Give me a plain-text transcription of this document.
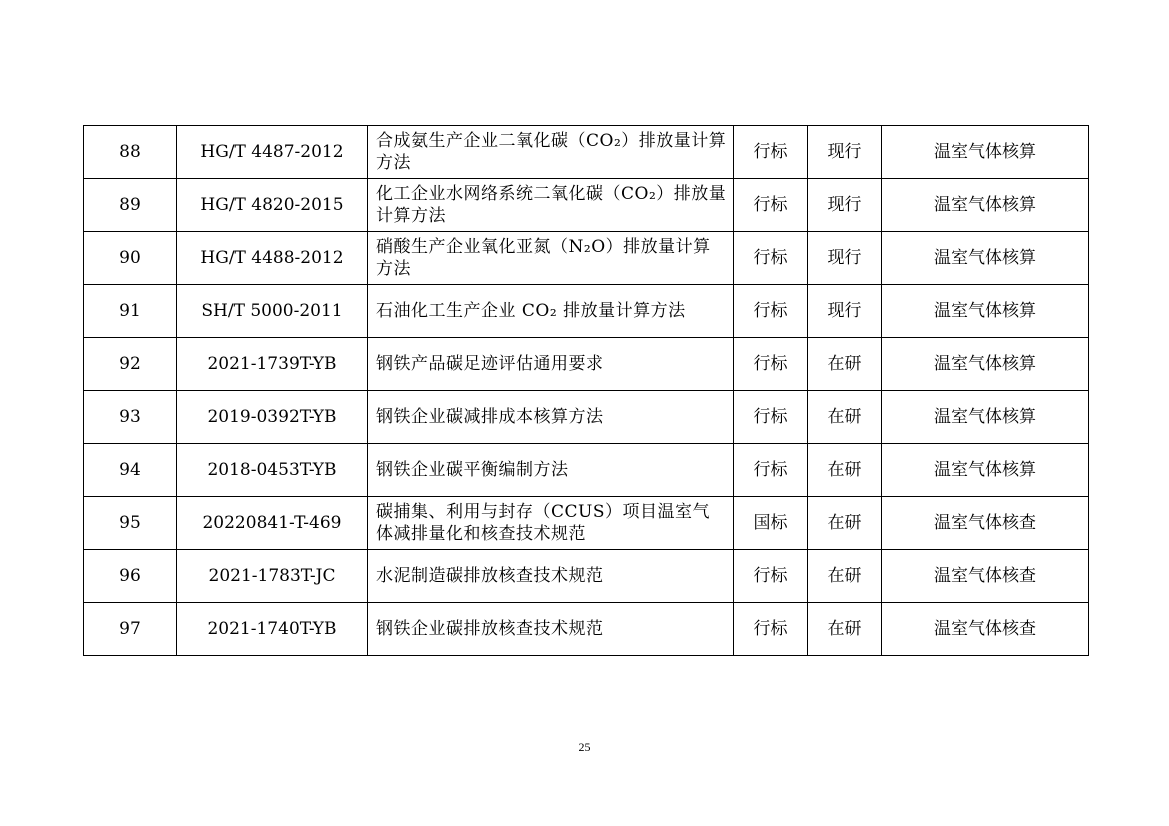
88	HG/T 4487-2012	合成氨生产企业二氧化碳（CO₂）排放量计算方法	行标	现行	温室气体核算
89	HG/T 4820-2015	化工企业水网络系统二氧化碳（CO₂）排放量计算方法	行标	现行	温室气体核算
90	HG/T 4488-2012	硝酸生产企业氧化亚氮（N₂O）排放量计算方法	行标	现行	温室气体核算
91	SH/T 5000-2011	石油化工生产企业 CO₂ 排放量计算方法	行标	现行	温室气体核算
92	2021-1739T-YB	钢铁产品碳足迹评估通用要求	行标	在研	温室气体核算
93	2019-0392T-YB	钢铁企业碳减排成本核算方法	行标	在研	温室气体核算
94	2018-0453T-YB	钢铁企业碳平衡编制方法	行标	在研	温室气体核算
95	20220841-T-469	碳捕集、利用与封存（CCUS）项目温室气体减排量化和核查技术规范	国标	在研	温室气体核查
96	2021-1783T-JC	水泥制造碳排放核查技术规范	行标	在研	温室气体核查
97	2021-1740T-YB	钢铁企业碳排放核查技术规范	行标	在研	温室气体核查
25
